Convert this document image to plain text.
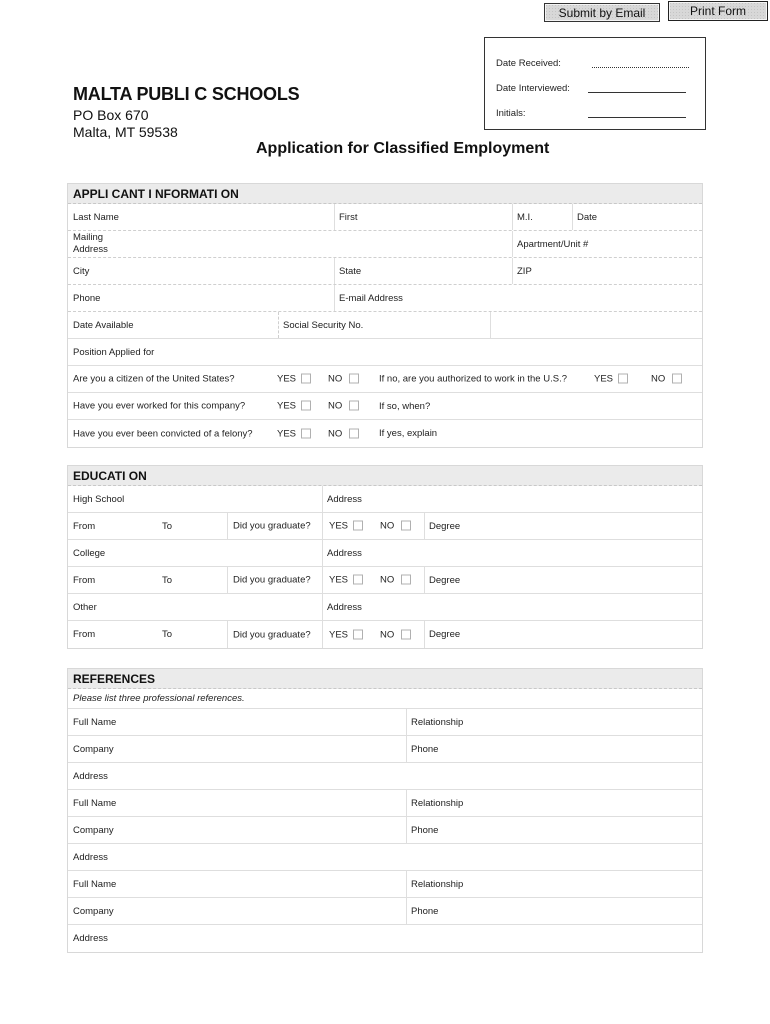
Submit by Email	Print Form
Date Received:
Date Interviewed:
Initials:
MALTA PUBLI C SCHOOLS
PO Box 670
Malta, MT 59538
Application for Classified Employment
APPLI CANT I NFORMATI ON
Last Name	First	M.I.	Date
Mailing
Address	Apartment/Unit #
City	State	ZIP
Phone	E-mail Address
Date Available	Social Security No.
Position Applied for
Are you a citizen of the United States?	YES	NO	If no, are you authorized to work in the U.S.?	YES	NO
Have you ever worked for this company?	YES	NO	If so, when?
Have you ever been convicted of a felony?	YES	NO	If yes, explain
EDUCATI ON
High School	Address
From	To	Did you graduate? YES	NO	Degree
College	Address
From	To	Did you graduate? YES	NO	Degree
Other	Address
From	To	Did you graduate? YES	NO	Degree
REFERENCES
Please list three professional references.
Full Name	Relationship
Company	Phone
Address
Full Name	Relationship
Company	Phone
Address
Full Name	Relationship
Company	Phone
Address
